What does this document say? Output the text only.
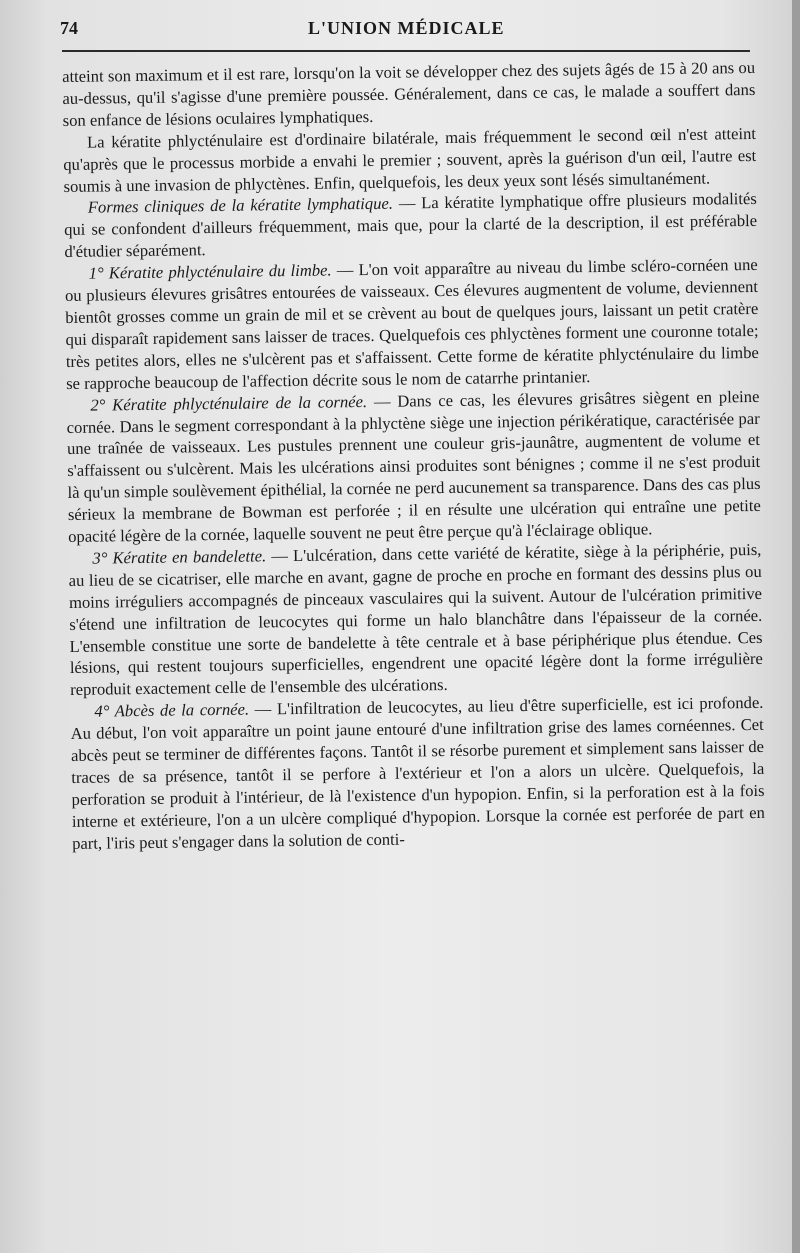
74	L'UNION MÉDICALE

atteint son maximum et il est rare, lorsqu'on la voit se développer chez des sujets âgés de 15 à 20 ans ou au-dessus, qu'il s'agisse d'une première poussée. Généralement, dans ce cas, le malade a souffert dans son enfance de lésions oculaires lymphatiques.

La kératite phlycténulaire est d'ordinaire bilatérale, mais fréquemment le second œil n'est atteint qu'après que le processus morbide a envahi le premier ; souvent, après la guérison d'un œil, l'autre est soumis à une invasion de phlyctènes. Enfin, quelquefois, les deux yeux sont lésés simultanément.

Formes cliniques de la kératite lymphatique. — La kératite lymphatique offre plusieurs modalités qui se confondent d'ailleurs fréquemment, mais que, pour la clarté de la description, il est préférable d'étudier séparément.

1° Kératite phlycténulaire du limbe. — L'on voit apparaître au niveau du limbe scléro-cornéen une ou plusieurs élevures grisâtres entourées de vaisseaux. Ces élevures augmentent de volume, deviennent bientôt grosses comme un grain de mil et se crèvent au bout de quelques jours, laissant un petit cratère qui disparaît rapidement sans laisser de traces. Quelquefois ces phlyctènes forment une couronne totale; très petites alors, elles ne s'ulcèrent pas et s'affaissent. Cette forme de kératite phlycténulaire du limbe se rapproche beaucoup de l'affection décrite sous le nom de catarrhe printanier.

2° Kératite phlycténulaire de la cornée. — Dans ce cas, les élevures grisâtres siègent en pleine cornée. Dans le segment correspondant à la phlyctène siège une injection périkératique, caractérisée par une traînée de vaisseaux. Les pustules prennent une couleur gris-jaunâtre, augmentent de volume et s'affaissent ou s'ulcèrent. Mais les ulcérations ainsi produites sont bénignes ; comme il ne s'est produit là qu'un simple soulèvement épithélial, la cornée ne perd aucunement sa transparence. Dans des cas plus sérieux la membrane de Bowman est perforée ; il en résulte une ulcération qui entraîne une petite opacité légère de la cornée, laquelle souvent ne peut être perçue qu'à l'éclairage oblique.

3° Kératite en bandelette. — L'ulcération, dans cette variété de kératite, siège à la périphérie, puis, au lieu de se cicatriser, elle marche en avant, gagne de proche en proche en formant des dessins plus ou moins irréguliers accompagnés de pinceaux vasculaires qui la suivent. Autour de l'ulcération primitive s'étend une infiltration de leucocytes qui forme un halo blanchâtre dans l'épaisseur de la cornée. L'ensemble constitue une sorte de bandelette à tête centrale et à base périphérique plus étendue. Ces lésions, qui restent toujours superficielles, engendrent une opacité légère dont la forme irrégulière reproduit exactement celle de l'ensemble des ulcérations.

4° Abcès de la cornée. — L'infiltration de leucocytes, au lieu d'être superficielle, est ici profonde. Au début, l'on voit apparaître un point jaune entouré d'une infiltration grise des lames cornéennes. Cet abcès peut se terminer de différentes façons. Tantôt il se résorbe purement et simplement sans laisser de traces de sa présence, tantôt il se perfore à l'extérieur et l'on a alors un ulcère. Quelquefois, la perforation se produit à l'intérieur, de là l'existence d'un hypopion. Enfin, si la perforation est à la fois interne et extérieure, l'on a un ulcère compliqué d'hypopion. Lorsque la cornée est perforée de part en part, l'iris peut s'engager dans la solution de conti-
